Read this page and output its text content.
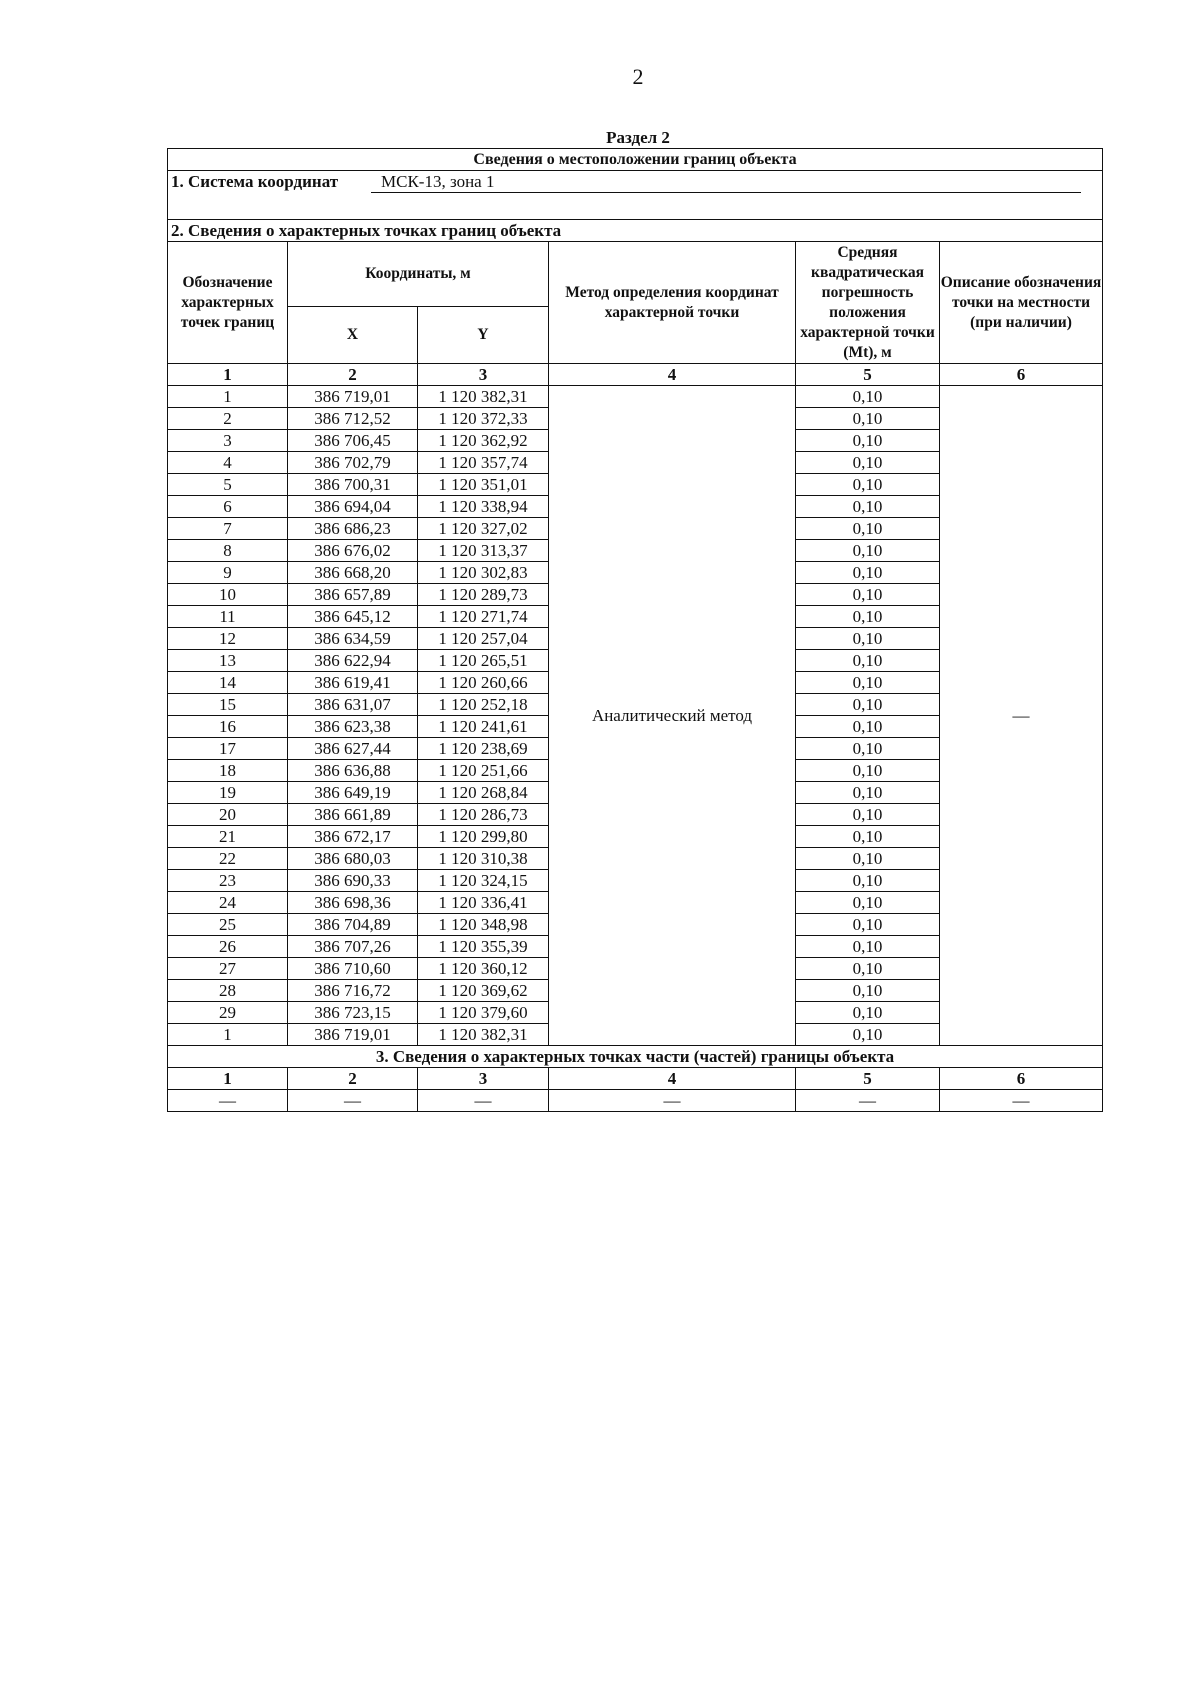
2
Раздел 2
Сведения о местоположении границ объекта					
1. Система координат МСК-13, зона 1					
2. Сведения о характерных точках границ объекта					
Обозначение характерных точек границ	Координаты, м		Метод определения координат характерной точки	Средняя квадратическая погрешность положения характерной точки (Mt), м	Описание обозначения точки на местности (при наличии)
	X	Y			
1	2	3	4	5	6
1	386 719,01	1 120 382,31	Аналитический метод	0,10	—
2	386 712,52	1 120 372,33		0,10	
3	386 706,45	1 120 362,92		0,10	
4	386 702,79	1 120 357,74		0,10	
5	386 700,31	1 120 351,01		0,10	
6	386 694,04	1 120 338,94		0,10	
7	386 686,23	1 120 327,02		0,10	
8	386 676,02	1 120 313,37		0,10	
9	386 668,20	1 120 302,83		0,10	
10	386 657,89	1 120 289,73		0,10	
11	386 645,12	1 120 271,74		0,10	
12	386 634,59	1 120 257,04		0,10	
13	386 622,94	1 120 265,51		0,10	
14	386 619,41	1 120 260,66		0,10	
15	386 631,07	1 120 252,18		0,10	
16	386 623,38	1 120 241,61		0,10	
17	386 627,44	1 120 238,69		0,10	
18	386 636,88	1 120 251,66		0,10	
19	386 649,19	1 120 268,84		0,10	
20	386 661,89	1 120 286,73		0,10	
21	386 672,17	1 120 299,80		0,10	
22	386 680,03	1 120 310,38		0,10	
23	386 690,33	1 120 324,15		0,10	
24	386 698,36	1 120 336,41		0,10	
25	386 704,89	1 120 348,98		0,10	
26	386 707,26	1 120 355,39		0,10	
27	386 710,60	1 120 360,12		0,10	
28	386 716,72	1 120 369,62		0,10	
29	386 723,15	1 120 379,60		0,10	
1	386 719,01	1 120 382,31		0,10	
3. Сведения о характерных точках части (частей) границы объекта					
1	2	3	4	5	6
—	—	—	—	—	—
